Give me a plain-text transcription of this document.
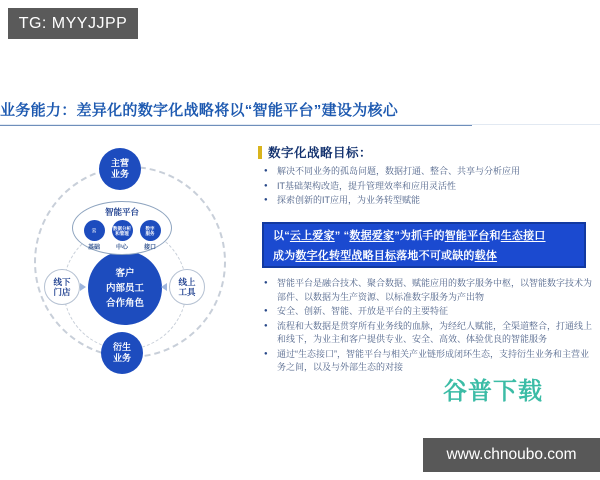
TG: MYYJJPP
业务能力：差异化的数字化战略将以“智能平台”建设为核心
主营
业务
智能平台
云
基础
数据分析
和管理
中心
数字
服务
接口
客户
内部员工
合作角色
线下
门店
线上
工具
衍生
业务
数字化战略目标：
● 解决不同业务的孤岛问题，数据打通、整合、共享与分析应用
● IT基础架构改造，提升管理效率和应用灵活性
● 探索创新的IT应用，为业务转型赋能
以“云上爱家” “数据爱家”为抓手的智能平台和生态接口
成为数字化转型战略目标落地不可或缺的载体
● 智能平台是融合技术、聚合数据、赋能应用的数字服务中枢，以智能数字技术为部件、以数据为生产资源、以标准数字服务为产出物
● 安全、创新、智能、开放是平台的主要特征
● 流程和大数据是贯穿所有业务线的血脉，为经纪人赋能，全渠道整合，打通线上和线下，为业主和客户提供专业、安全、高效、体验优良的智能服务
● 通过“生态接口”，智能平台与相关产业链形成闭环生态，支持衍生业务和主营业务之间，以及与外部生态的对接
谷普下载
www.chnoubo.com
